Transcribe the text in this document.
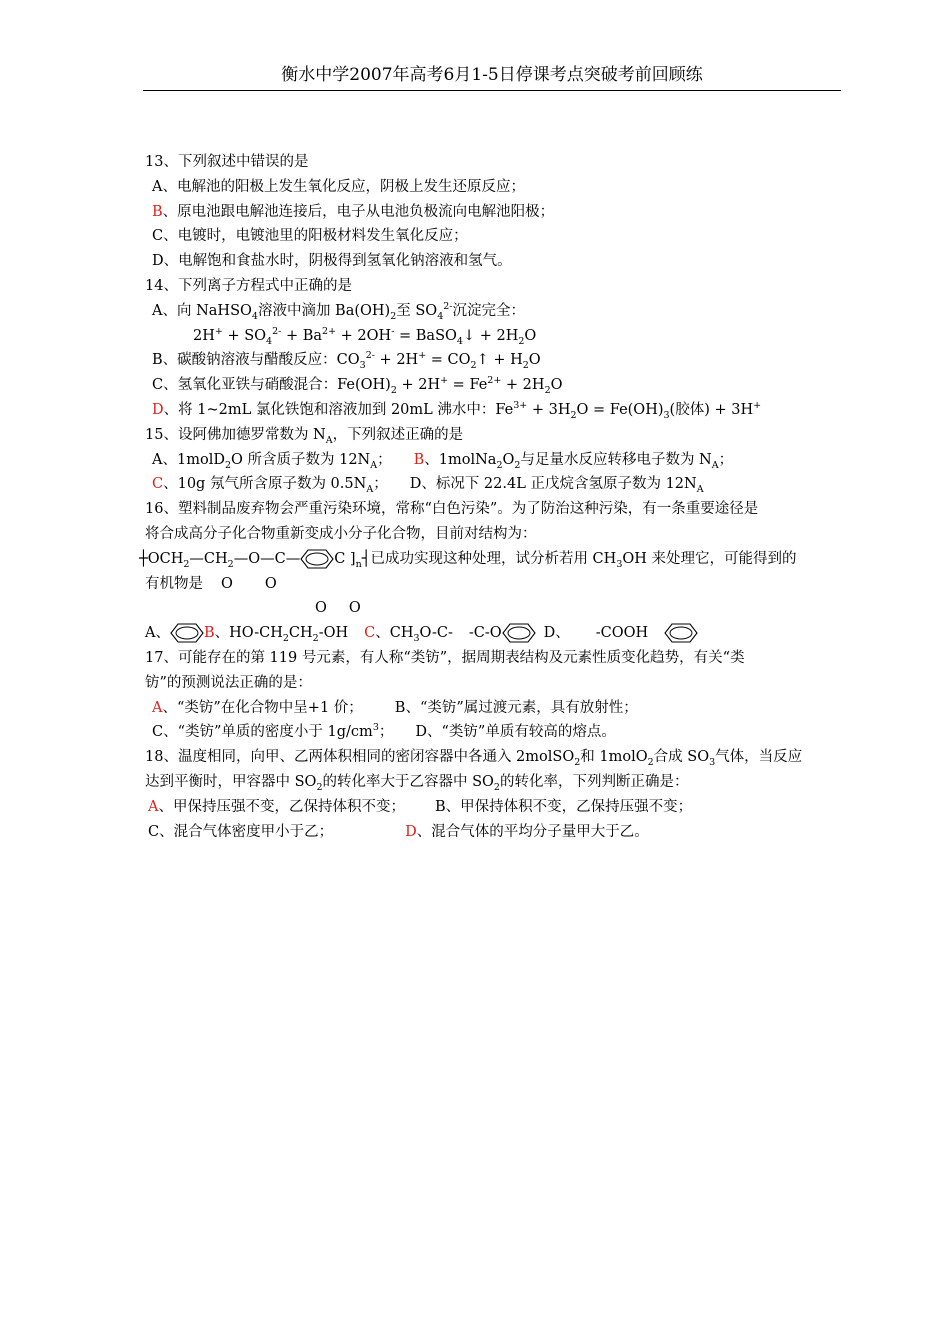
衡水中学2007年高考6月1-5日停课考点突破考前回顾练
13、下列叙述中错误的是
A、电解池的阳极上发生氧化反应，阴极上发生还原反应；
B、原电池跟电解池连接后，电子从电池负极流向电解池阳极；
C、电镀时，电镀池里的阳极材料发生氧化反应；
D、电解饱和食盐水时，阴极得到氢氧化钠溶液和氢气。
14、下列离子方程式中正确的是
A、向 NaHSO$_4$溶液中滴加 $Ba(OH)_2$至 $SO_4^{2-}$沉淀完全：
$2H^+ + SO_4^{2-} + Ba^{2+} + 2OH^-$ = BaSO$_4$↓ + $2H_2O$
B、碳酸钠溶液与醋酸反应：$CO_3^{2-} + 2H^+$ = $CO_2↑ + H_2O$
C、氢氧化亚铁与硝酸混合：$Fe(OH)_2 + 2H^+ = Fe^{2+} + 2H_2O$
D、将 1~2mL 氯化铁饱和溶液加到 20mL 沸水中：$Fe^{3+} + 3H_2O = Fe(OH)_3$(胶体) + 3H+
15、设阿佛加德罗常数为 $N_A$，下列叙述正确的是
A、1molD$_2$O 所含质子数为 $12N_A$； B、$1molNa_2O_2$与足量水反应转移电子数为 $N_A$；
C、10g 氖气所含原子数为 $0.5N_A$； D、标况下 22.4L 正戊烷含氢原子数为 $12N_A$
16、塑料制品废弃物会严重污染环境，常称“白色污染”。为了防治这种污染，有一条重要途径是
将合成高分子化合物重新变成小分子化合物，目前对结构为：
$┼OCH_2—CH_2—O—C—$ C ]$_n┤$已成功实现这种处理，试分析若用 $CH_3OH$ 来处理它，可能得到的
有机物是 O O
O O
A、 B、$HO-CH_2CH_2-OH$ C、$CH_3O-C-$ -C-O	D、 -COOH
17、可能存在的第 119 号元素，有人称“类钫”，据周期表结构及元素性质变化趋势，有关“类
钫”的预测说法正确的是：
A、“类钫”在化合物中呈+1 价； B、“类钫”属过渡元素，具有放射性；
C、“类钫”单质的密度小于 $1g/cm^3$； D、“类钫”单质有较高的熔点。
18、温度相同，向甲、乙两体积相同的密闭容器中各通入 2molSO$_2$和 1molO$_2$合成 $SO_3$气体，当反应
达到平衡时，甲容器中 $SO_2$的转化率大于乙容器中 $SO_2$的转化率，下列判断正确是：
A、甲保持压强不变，乙保持体积不变； B、甲保持体积不变，乙保持压强不变；
C、混合气体密度甲小于乙；	D、混合气体的平均分子量甲大于乙。
